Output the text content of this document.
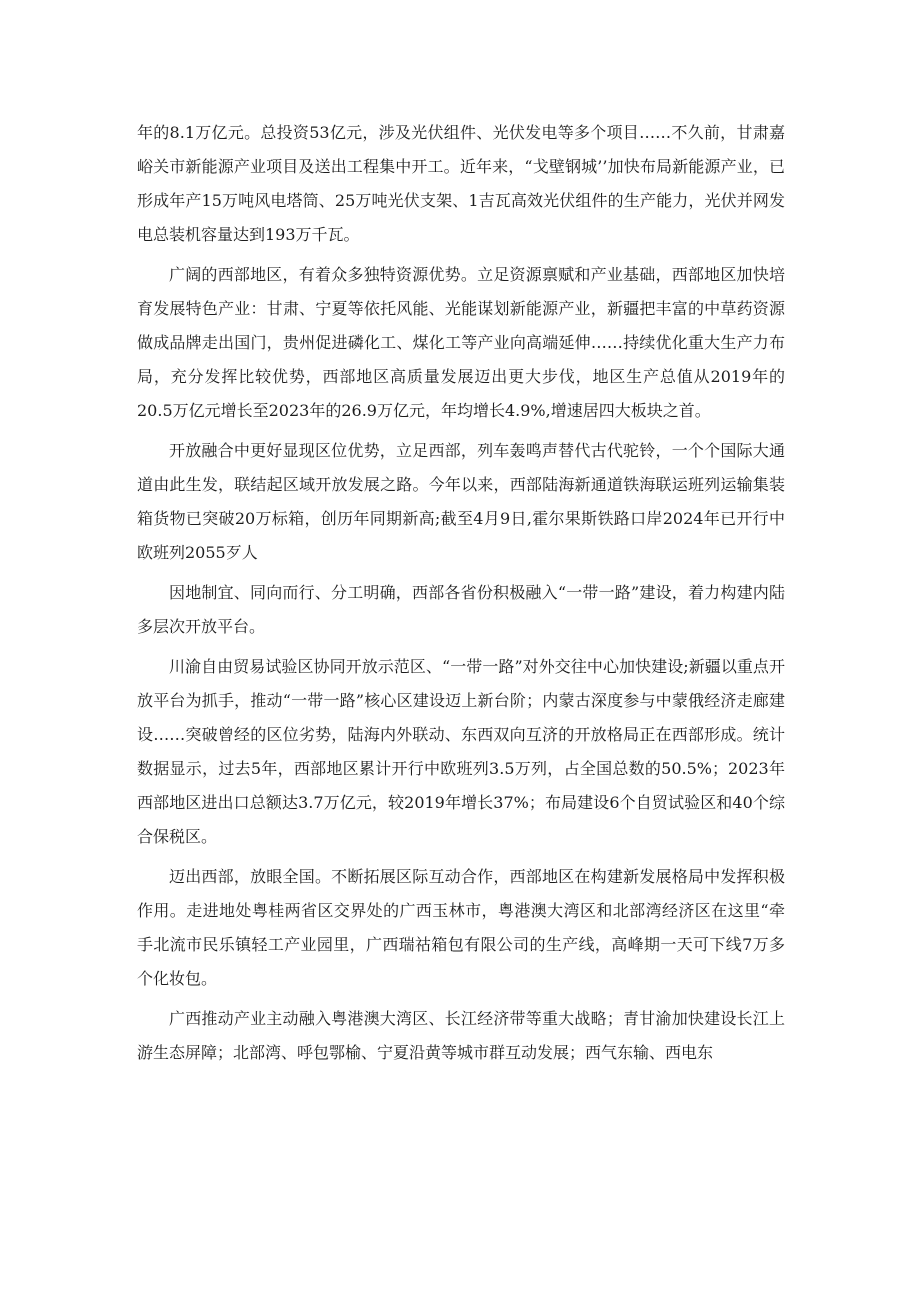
年的8.1万亿元。总投资53亿元，涉及光伏组件、光伏发电等多个项目……不久前，甘肃嘉峪关市新能源产业项目及送出工程集中开工。近年来，“戈壁钢城’’加快布局新能源产业，已形成年产15万吨风电塔筒、25万吨光伏支架、1吉瓦高效光伏组件的生产能力，光伏并网发电总装机容量达到193万千瓦。

广阔的西部地区，有着众多独特资源优势。立足资源禀赋和产业基础，西部地区加快培育发展特色产业：甘肃、宁夏等依托风能、光能谋划新能源产业，新疆把丰富的中草药资源做成品牌走出国门，贵州促进磷化工、煤化工等产业向高端延伸……持续优化重大生产力布局，充分发挥比较优势，西部地区高质量发展迈出更大步伐，地区生产总值从2019年的20.5万亿元增长至2023年的26.9万亿元，年均增长4.9%,增速居四大板块之首。

开放融合中更好显现区位优势，立足西部，列车轰鸣声替代古代驼铃，一个个国际大通道由此生发，联结起区域开放发展之路。今年以来，西部陆海新通道铁海联运班列运输集装箱货物已突破20万标箱，创历年同期新高;截至4月9日,霍尔果斯铁路口岸2024年已开行中欧班列2055歹人

因地制宜、同向而行、分工明确，西部各省份积极融入“一带一路”建设，着力构建内陆多层次开放平台。

川渝自由贸易试验区协同开放示范区、“一带一路”对外交往中心加快建设;新疆以重点开放平台为抓手，推动“一带一路”核心区建设迈上新台阶；内蒙古深度参与中蒙俄经济走廊建设……突破曾经的区位劣势，陆海内外联动、东西双向互济的开放格局正在西部形成。统计数据显示，过去5年，西部地区累计开行中欧班列3.5万列，占全国总数的50.5%；2023年西部地区进出口总额达3.7万亿元，较2019年增长37%；布局建设6个自贸试验区和40个综合保税区。

迈出西部，放眼全国。不断拓展区际互动合作，西部地区在构建新发展格局中发挥积极作用。走进地处粤桂两省区交界处的广西玉林市，粤港澳大湾区和北部湾经济区在这里“牵手北流市民乐镇轻工产业园里，广西瑞祜箱包有限公司的生产线，高峰期一天可下线7万多个化妆包。

广西推动产业主动融入粤港澳大湾区、长江经济带等重大战略；青甘渝加快建设长江上游生态屏障；北部湾、呼包鄂榆、宁夏沿黄等城市群互动发展；西气东输、西电东
